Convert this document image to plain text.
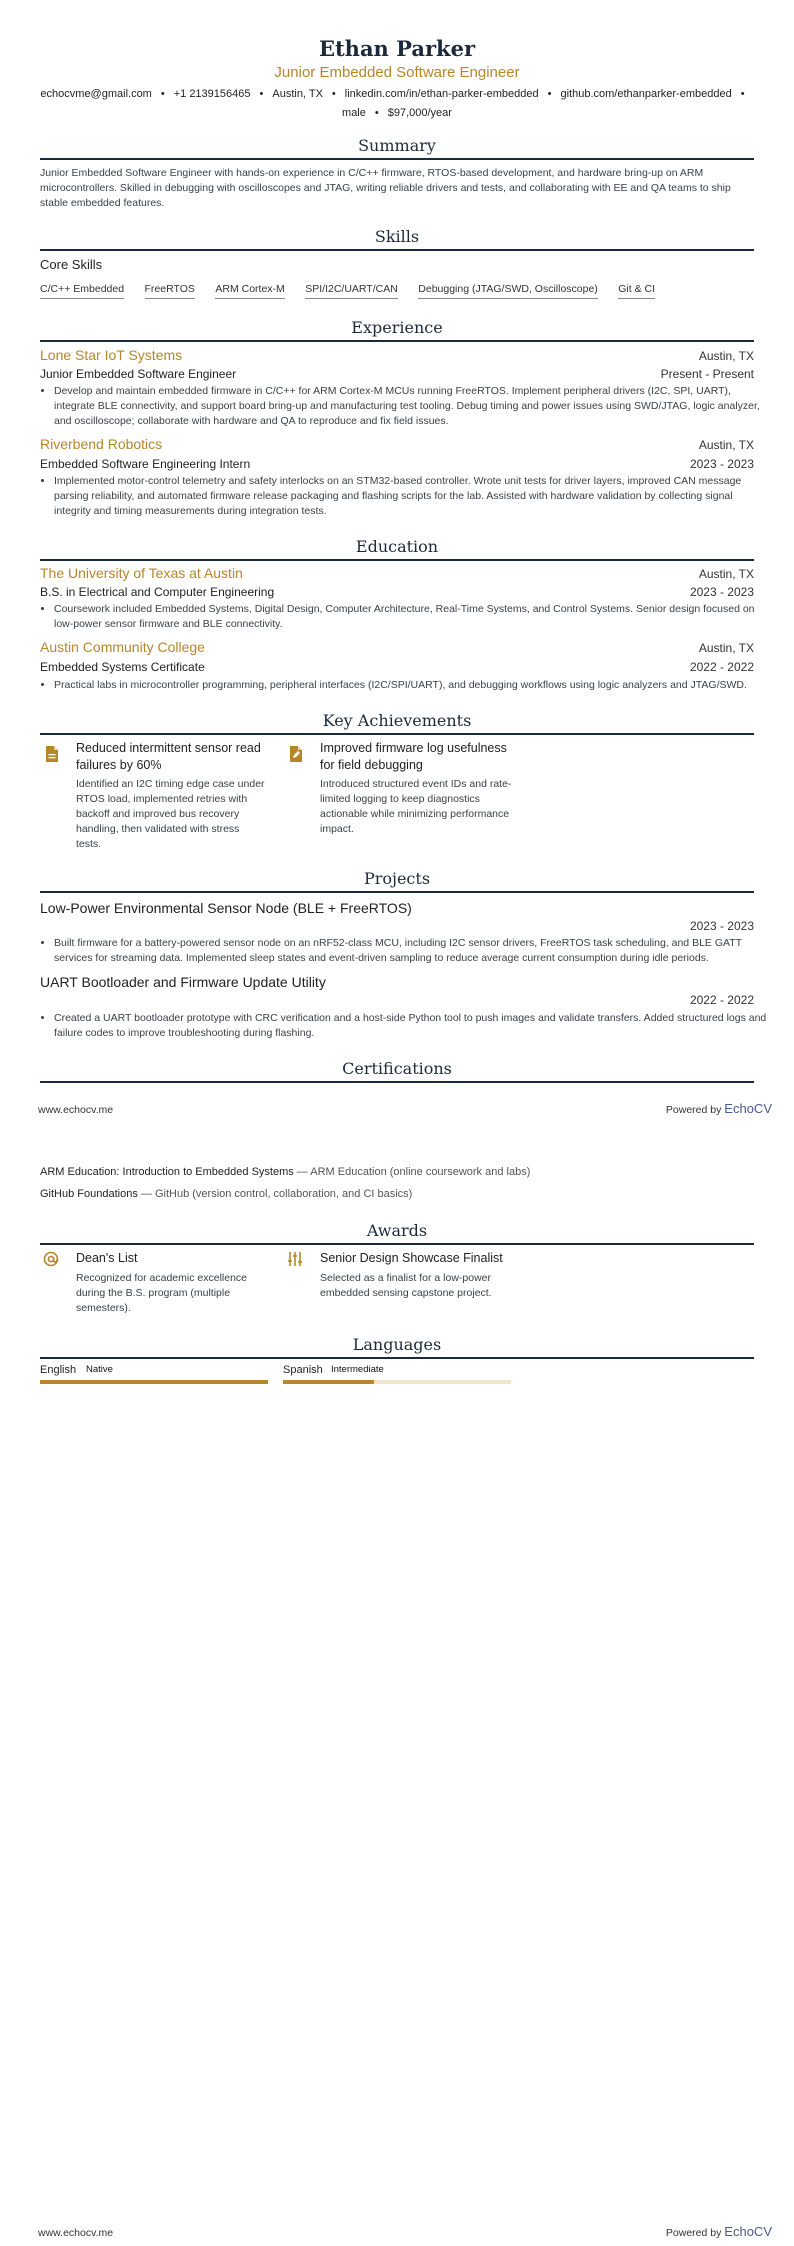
Ethan Parker
Junior Embedded Software Engineer
echocvme@gmail.com • +1 2139156465 • Austin, TX • linkedin.com/in/ethan-parker-embedded • github.com/ethanparker-embedded •
male • $97,000/year
Summary
Junior Embedded Software Engineer with hands-on experience in C/C++ firmware, RTOS-based development, and hardware bring-up on ARM microcontrollers. Skilled in debugging with oscilloscopes and JTAG, writing reliable drivers and tests, and collaborating with EE and QA teams to ship stable embedded features.
Skills
Core Skills
C/C++ Embedded FreeRTOS ARM Cortex-M SPI/I2C/UART/CAN Debugging (JTAG/SWD, Oscilloscope) Git & CI
Experience
Lone Star IoT Systems	Austin, TX
Junior Embedded Software Engineer	Present - Present
• Develop and maintain embedded firmware in C/C++ for ARM Cortex-M MCUs running FreeRTOS. Implement peripheral drivers (I2C, SPI, UART), integrate BLE connectivity, and support board bring-up and manufacturing test tooling. Debug timing and power issues using SWD/JTAG, logic analyzer, and oscilloscope; collaborate with hardware and QA to reproduce and fix field issues.
Riverbend Robotics	Austin, TX
Embedded Software Engineering Intern	2023 - 2023
• Implemented motor-control telemetry and safety interlocks on an STM32-based controller. Wrote unit tests for driver layers, improved CAN message parsing reliability, and automated firmware release packaging and flashing scripts for the lab. Assisted with hardware validation by collecting signal integrity and timing measurements during integration tests.
Education
The University of Texas at Austin	Austin, TX
B.S. in Electrical and Computer Engineering	2023 - 2023
• Coursework included Embedded Systems, Digital Design, Computer Architecture, Real-Time Systems, and Control Systems. Senior design focused on low-power sensor firmware and BLE connectivity.
Austin Community College	Austin, TX
Embedded Systems Certificate	2022 - 2022
• Practical labs in microcontroller programming, peripheral interfaces (I2C/SPI/UART), and debugging workflows using logic analyzers and JTAG/SWD.
Key Achievements
Reduced intermittent sensor read failures by 60%
Identified an I2C timing edge case under RTOS load, implemented retries with backoff and improved bus recovery handling, then validated with stress tests.
Improved firmware log usefulness for field debugging
Introduced structured event IDs and rate-limited logging to keep diagnostics actionable while minimizing performance impact.
Projects
Low-Power Environmental Sensor Node (BLE + FreeRTOS)
2023 - 2023
• Built firmware for a battery-powered sensor node on an nRF52-class MCU, including I2C sensor drivers, FreeRTOS task scheduling, and BLE GATT services for streaming data. Implemented sleep states and event-driven sampling to reduce average current consumption during idle periods.
UART Bootloader and Firmware Update Utility
2022 - 2022
• Created a UART bootloader prototype with CRC verification and a host-side Python tool to push images and validate transfers. Added structured logs and failure codes to improve troubleshooting during flashing.
Certifications
ARM Education: Introduction to Embedded Systems — ARM Education (online coursework and labs)
GitHub Foundations — GitHub (version control, collaboration, and CI basics)
Awards
Dean's List
Recognized for academic excellence during the B.S. program (multiple semesters).
Senior Design Showcase Finalist
Selected as a finalist for a low-power embedded sensing capstone project.
Languages
English Native	Spanish Intermediate
www.echocv.me	Powered by EchoCV
www.echocv.me	Powered by EchoCV
